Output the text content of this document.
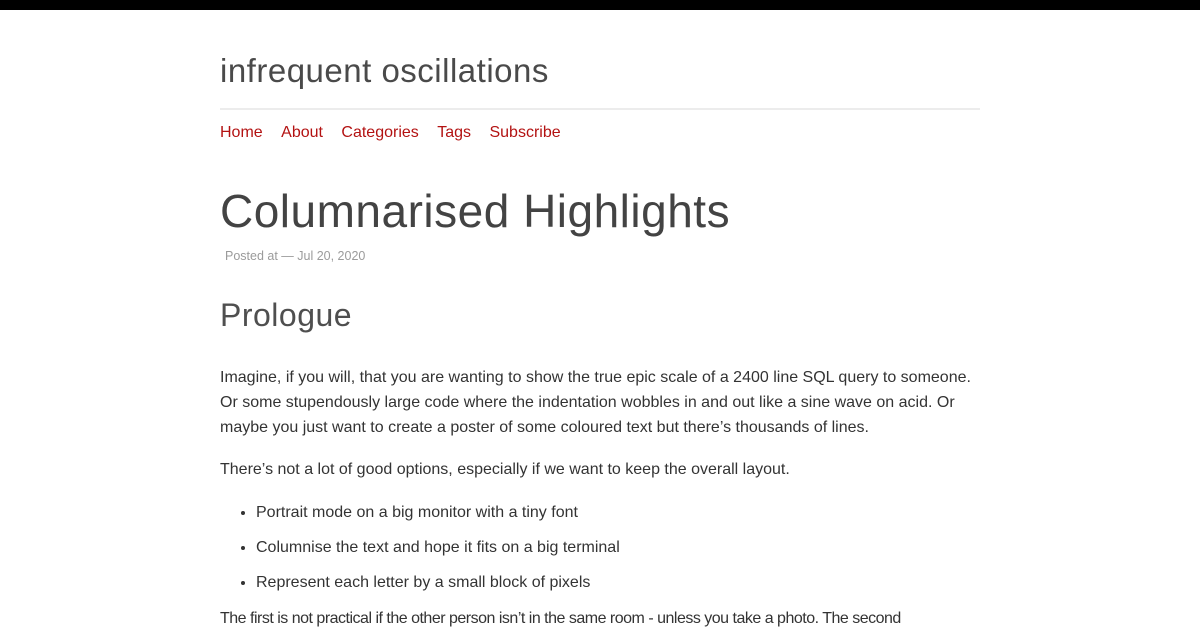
infrequent oscillations
Home About Categories Tags Subscribe
Columnarised Highlights
Posted at — Jul 20, 2020
Prologue

Imagine, if you will, that you are wanting to show the true epic scale of a 2400 line SQL query to someone. Or some stupendously large code where the indentation wobbles in and out like a sine wave on acid. Or maybe you just want to create a poster of some coloured text but there’s thousands of lines.

There’s not a lot of good options, especially if we want to keep the overall layout.

• Portrait mode on a big monitor with a tiny font
• Columnise the text and hope it fits on a big terminal
• Represent each letter by a small block of pixels

The first is not practical if the other person isn’t in the same room - unless you take a photo. The second
